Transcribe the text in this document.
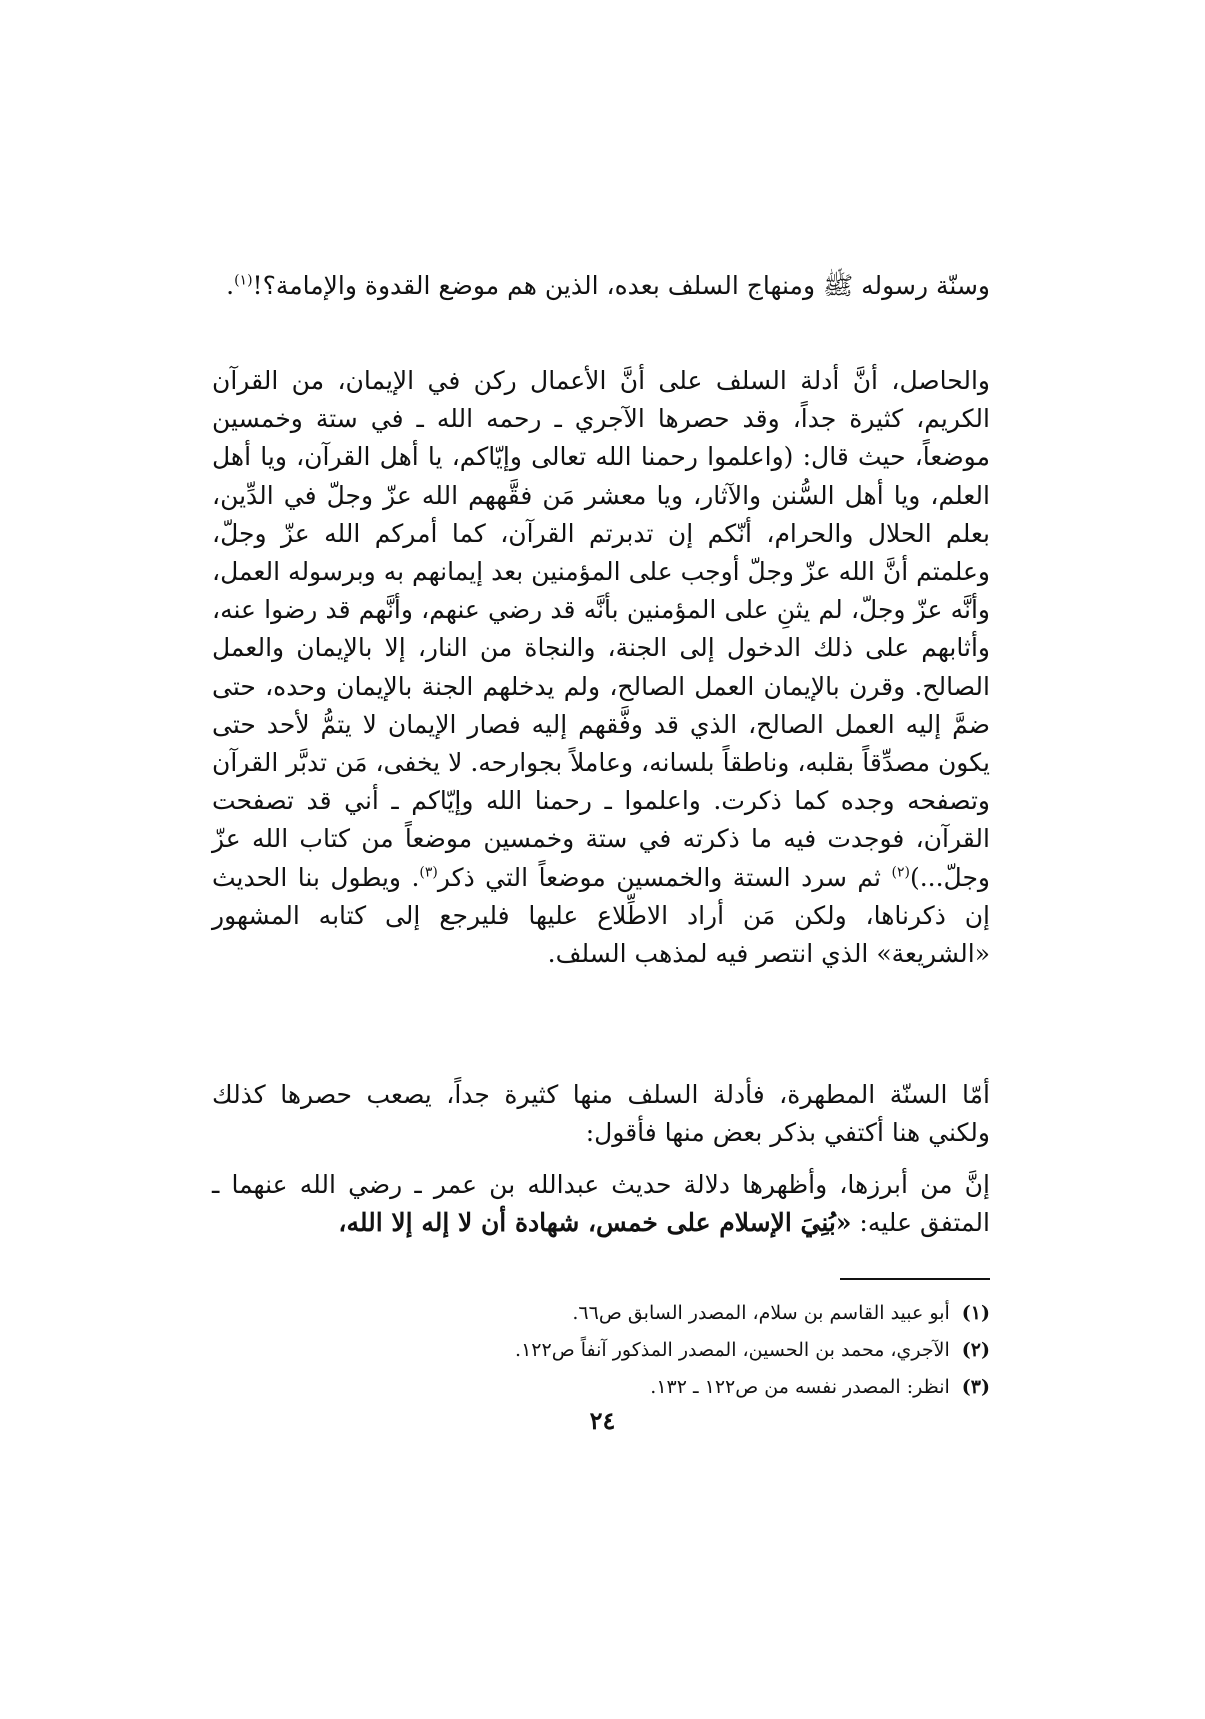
وسنّة رسوله ﷺ ومنهاج السلف بعده، الذين هم موضع القدوة والإمامة؟!$^{(١)}$.

والحاصل، أنَّ أدلة السلف على أنَّ الأعمال ركن في الإيمان، من القرآن الكريم، كثيرة جداً، وقد حصرها الآجري ـ رحمه الله ـ في ستة وخمسين موضعاً، حيث قال: (واعلموا رحمنا الله تعالى وإيّاكم، يا أهل القرآن، ويا أهل العلم، ويا أهل السُّنن والآثار، ويا معشر مَن فقَّههم الله عزّ وجلّ في الدِّين، بعلم الحلال والحرام، أنّكم إن تدبرتم القرآن، كما أمركم الله عزّ وجلّ، وعلمتم أنَّ الله عزّ وجلّ أوجب على المؤمنين بعد إيمانهم به وبرسوله العمل، وأنَّه عزّ وجلّ، لم يثنِ على المؤمنين بأنَّه قد رضي عنهم، وأنَّهم قد رضوا عنه، وأثابهم على ذلك الدخول إلى الجنة، والنجاة من النار، إلا بالإيمان والعمل الصالح. وقرن بالإيمان العمل الصالح، ولم يدخلهم الجنة بالإيمان وحده، حتى ضمَّ إليه العمل الصالح، الذي قد وفَّقهم إليه فصار الإيمان لا يتمُّ لأحد حتى يكون مصدِّقاً بقلبه، وناطقاً بلسانه، وعاملاً بجوارحه. لا يخفى، مَن تدبَّر القرآن وتصفحه وجده كما ذكرت. واعلموا ـ رحمنا الله وإيّاكم ـ أني قد تصفحت القرآن، فوجدت فيه ما ذكرته في ستة وخمسين موضعاً من كتاب الله عزّ وجلّ...)$^{(٢)}$ ثم سرد الستة والخمسين موضعاً التي ذكر$^{(٣)}$. ويطول بنا الحديث إن ذكرناها، ولكن مَن أراد الاطِّلاع عليها فليرجع إلى كتابه المشهور «الشريعة» الذي انتصر فيه لمذهب السلف.

أمّا السنّة المطهرة، فأدلة السلف منها كثيرة جداً، يصعب حصرها كذلك ولكني هنا أكتفي بذكر بعض منها فأقول:

إنَّ من أبرزها، وأظهرها دلالة حديث عبدالله بن عمر ـ رضي الله عنهما ـ المتفق عليه: «بُنِيَ الإسلام على خمس، شهادة أن لا إله إلا الله،

(١)أبو عبيد القاسم بن سلام، المصدر السابق ص٦٦.
(٢)الآجري، محمد بن الحسين، المصدر المذكور آنفاً ص١٢٢.
(٣)انظر: المصدر نفسه من ص١٢٢ ـ ١٣٢.
٢٤
